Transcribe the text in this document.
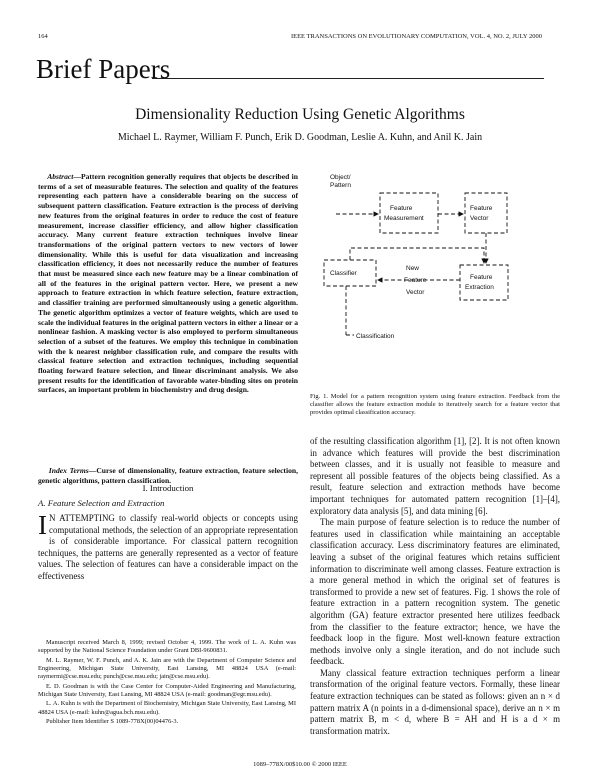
164	IEEE TRANSACTIONS ON EVOLUTIONARY COMPUTATION, VOL. 4, NO. 2, JULY 2000
Brief Papers
Dimensionality Reduction Using Genetic Algorithms
Michael L. Raymer, William F. Punch, Erik D. Goodman, Leslie A. Kuhn, and Anil K. Jain

Abstract—Pattern recognition generally requires that objects be described in terms of a set of measurable features. The selection and quality of the features representing each pattern have a considerable bearing on the success of subsequent pattern classification. Feature extraction is the process of deriving new features from the original features in order to reduce the cost of feature measurement, increase classifier efficiency, and allow higher classification accuracy. Many current feature extraction techniques involve linear transformations of the original pattern vectors to new vectors of lower dimensionality. While this is useful for data visualization and increasing classification efficiency, it does not necessarily reduce the number of features that must be measured since each new feature may be a linear combination of all of the features in the original pattern vector. Here, we present a new approach to feature extraction in which feature selection, feature extraction, and classifier training are performed simultaneously using a genetic algorithm. The genetic algorithm optimizes a vector of feature weights, which are used to scale the individual features in the original pattern vectors in either a linear or a nonlinear fashion. A masking vector is also employed to perform simultaneous selection of a subset of the features. We employ this technique in combination with the k nearest neighbor classification rule, and compare the results with classical feature selection and extraction techniques, including sequential floating forward feature selection, and linear discriminant analysis. We also present results for the identification of favorable water-binding sites on protein surfaces, an important problem in biochemistry and drug design.

Index Terms—Curse of dimensionality, feature extraction, feature selection, genetic algorithms, pattern classification.

I. Introduction
A. Feature Selection and Extraction

I N ATTEMPTING to classify real-world objects or concepts using computational methods, the selection of an appropriate representation is of considerable importance. For classical pattern recognition techniques, the patterns are generally represented as a vector of feature values. The selection of features can have a considerable impact on the effectiveness

Manuscript received March 8, 1999; revised October 4, 1999. The work of L. A. Kuhn was supported by the National Science Foundation under Grant DBI-9600831.

M. L. Raymer, W. F. Punch, and A. K. Jain are with the Department of Computer Science and Engineering, Michigan State University, East Lansing, MI 48824 USA (e-mail: raymermi@cse.msu.edu; punch@cse.msu.edu; jain@cse.msu.edu).

E. D. Goodman is with the Case Center for Computer-Aided Engineering and Manufacturing, Michigan State University, East Lansing, MI 48824 USA (e-mail: goodman@egr.msu.edu).

L. A. Kuhn is with the Department of Biochemistry, Michigan State University, East Lansing, MI 48824 USA (e-mail: kuhn@agua.bch.msu.edu).

Publisher Item Identifier S 1089-778X(00)04476-3.

Object/
Pattern
Feature
Measurement
Feature
Vector
Classifier
New
Feature
Vector
Feature
Extraction
Classification

Fig. 1. Model for a pattern recognition system using feature extraction. Feedback from the classifier allows the feature extraction module to iteratively search for a feature vector that provides optimal classification accuracy.

of the resulting classification algorithm [1], [2]. It is not often known in advance which features will provide the best discrimination between classes, and it is usually not feasible to measure and represent all possible features of the objects being classified. As a result, feature selection and extraction methods have become important techniques for automated pattern recognition [1]–[4], exploratory data analysis [5], and data mining [6].

The main purpose of feature selection is to reduce the number of features used in classification while maintaining an acceptable classification accuracy. Less discriminatory features are eliminated, leaving a subset of the original features which retains sufficient information to discriminate well among classes. Feature extraction is a more general method in which the original set of features is transformed to provide a new set of features. Fig. 1 shows the role of feature extraction in a pattern recognition system. The genetic algorithm (GA) feature extractor presented here utilizes feedback from the classifier to the feature extractor; hence, we have the feedback loop in the figure. Most well-known feature extraction methods involve only a single iteration, and do not include such feedback.

Many classical feature extraction techniques perform a linear transformation of the original feature vectors. Formally, these linear feature extraction techniques can be stated as follows: given an n × d pattern matrix A (n points in a d-dimensional space), derive an n × m pattern matrix B, m < d, where B = AH and H is a d × m transformation matrix.

1089–778X/00$10.00 © 2000 IEEE
